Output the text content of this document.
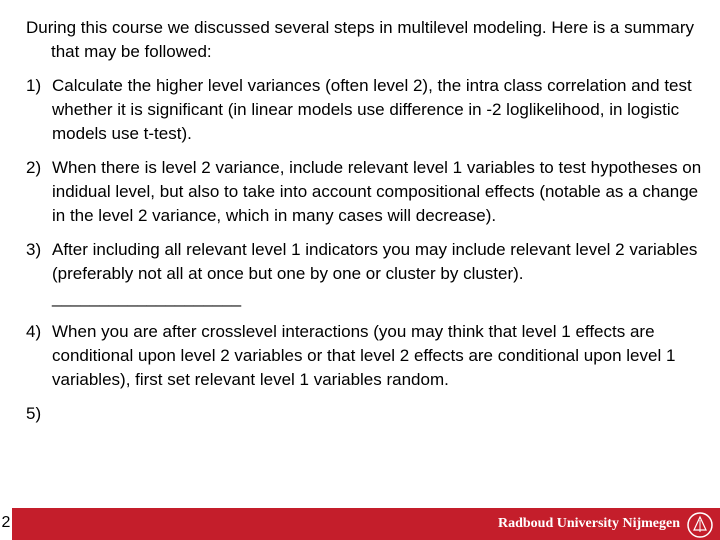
During this course we discussed several steps in multilevel modeling. Here is a summary that may be followed:

1) Calculate the higher level variances (often level 2), the intra class correlation and test whether it is significant (in linear models use difference in -2 loglikelihood, in logistic models use t-test).
2) When there is level 2 variance, include relevant level 1 variables to test hypotheses on indidual level, but also to take into account compositional effects (notable as a change in the level 2 variance, which in many cases will decrease).
3) After including all relevant level 1 indicators you may include relevant level 2 variables (preferably not all at once but one by one or cluster by cluster).
____________________
4) When you are after crosslevel interactions (you may think that level 1 effects are conditional upon level 2 variables or that level 2 effects are conditional upon level 1 variables), first set relevant level 1 variables random.
5)
2	Radboud University Nijmegen
